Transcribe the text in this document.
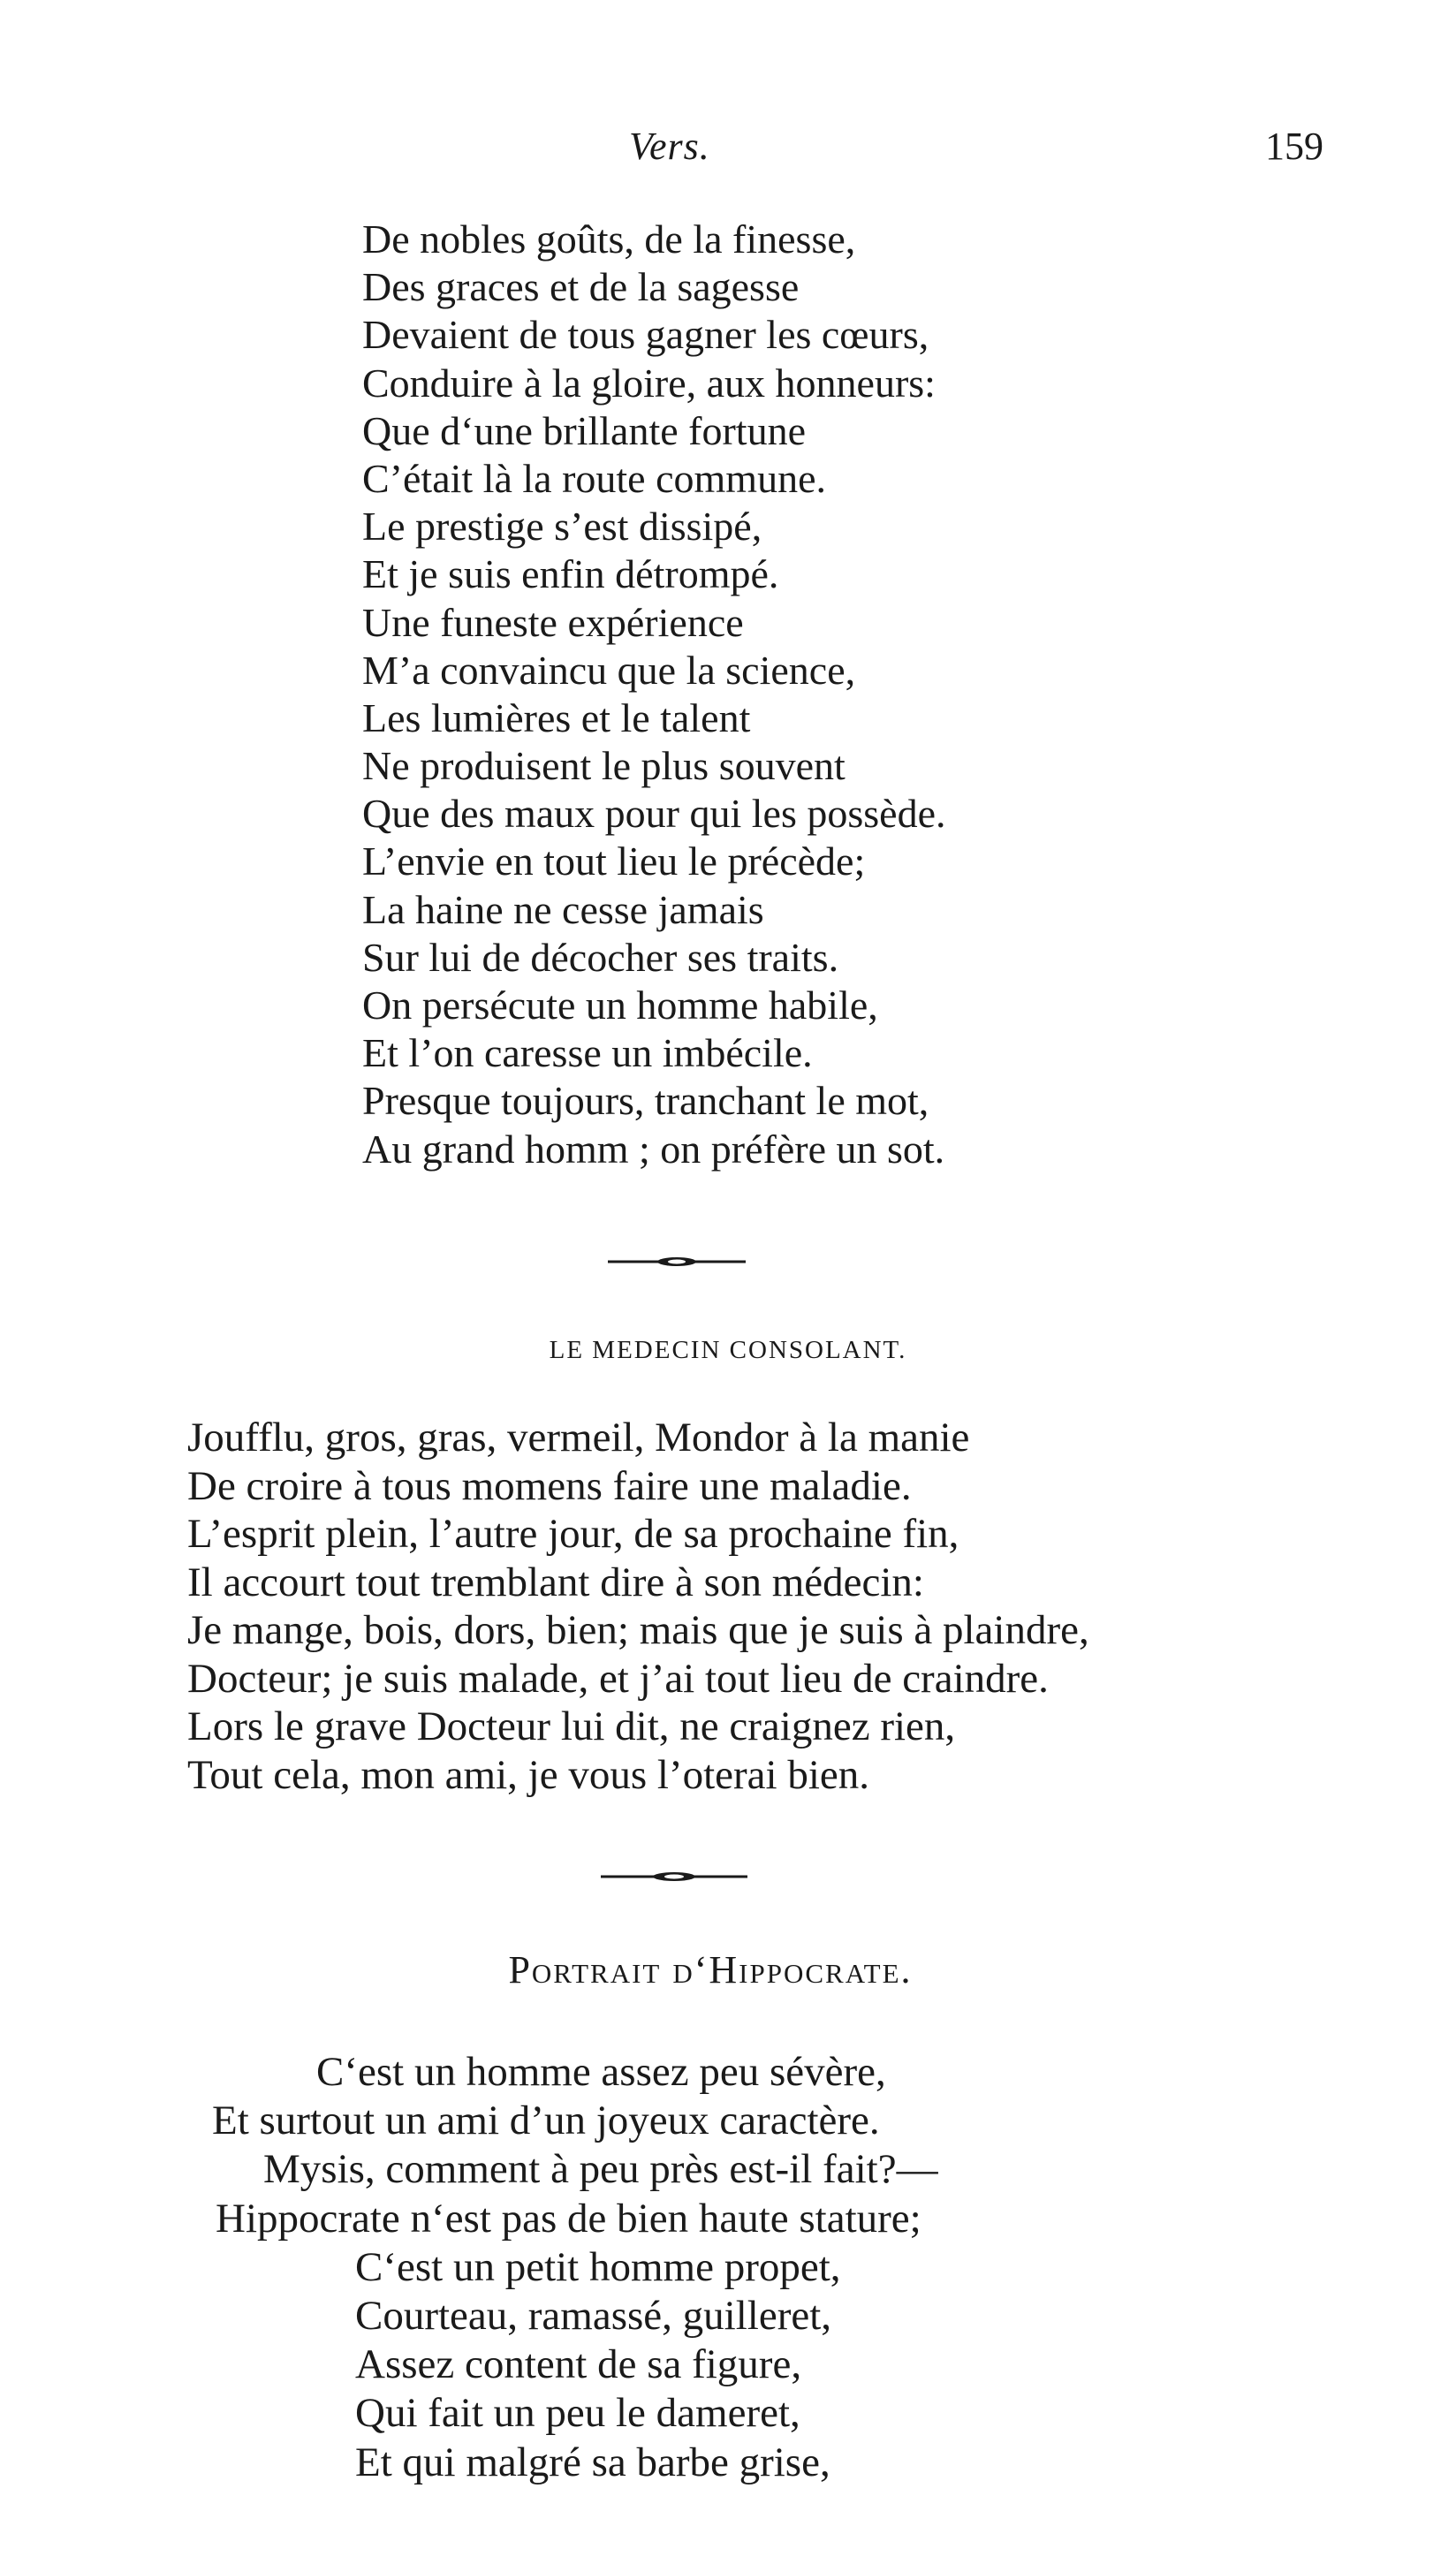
Vers.	159
De nobles goûts, de la finesse,
Des graces et de la sagesse
Devaient de tous gagner les cœurs,
Conduire à la gloire, aux honneurs:
Que d‘une brillante fortune
C’était là la route commune.
Le prestige s’est dissipé,
Et je suis enfin détrompé.
Une funeste expérience
M’a convaincu que la science,
Les lumières et le talent
Ne produisent le plus souvent
Que des maux pour qui les possède.
L’envie en tout lieu le précède;
La haine ne cesse jamais
Sur lui de décocher ses traits.
On persécute un homme habile,
Et l’on caresse un imbécile.
Presque toujours, tranchant le mot,
Au grand homm ; on préfère un sot.
LE MEDECIN CONSOLANT.
Joufflu, gros, gras, vermeil, Mondor à la manie
De croire à tous momens faire une maladie.
L’esprit plein, l’autre jour, de sa prochaine fin,
Il accourt tout tremblant dire à son médecin:
Je mange, bois, dors, bien; mais que je suis à plaindre,
Docteur; je suis malade, et j’ai tout lieu de craindre.
Lors le grave Docteur lui dit, ne craignez rien,
Tout cela, mon ami, je vous l’oterai bien.
Portrait d‘Hippocrate.
C‘est un homme assez peu sévère,
Et surtout un ami d’un joyeux caractère.
Mysis, comment à peu près est-il fait?—
Hippocrate n‘est pas de bien haute stature;
C‘est un petit homme propet,
Courteau, ramassé, guilleret,
Assez content de sa figure,
Qui fait un peu le dameret,
Et qui malgré sa barbe grise,
